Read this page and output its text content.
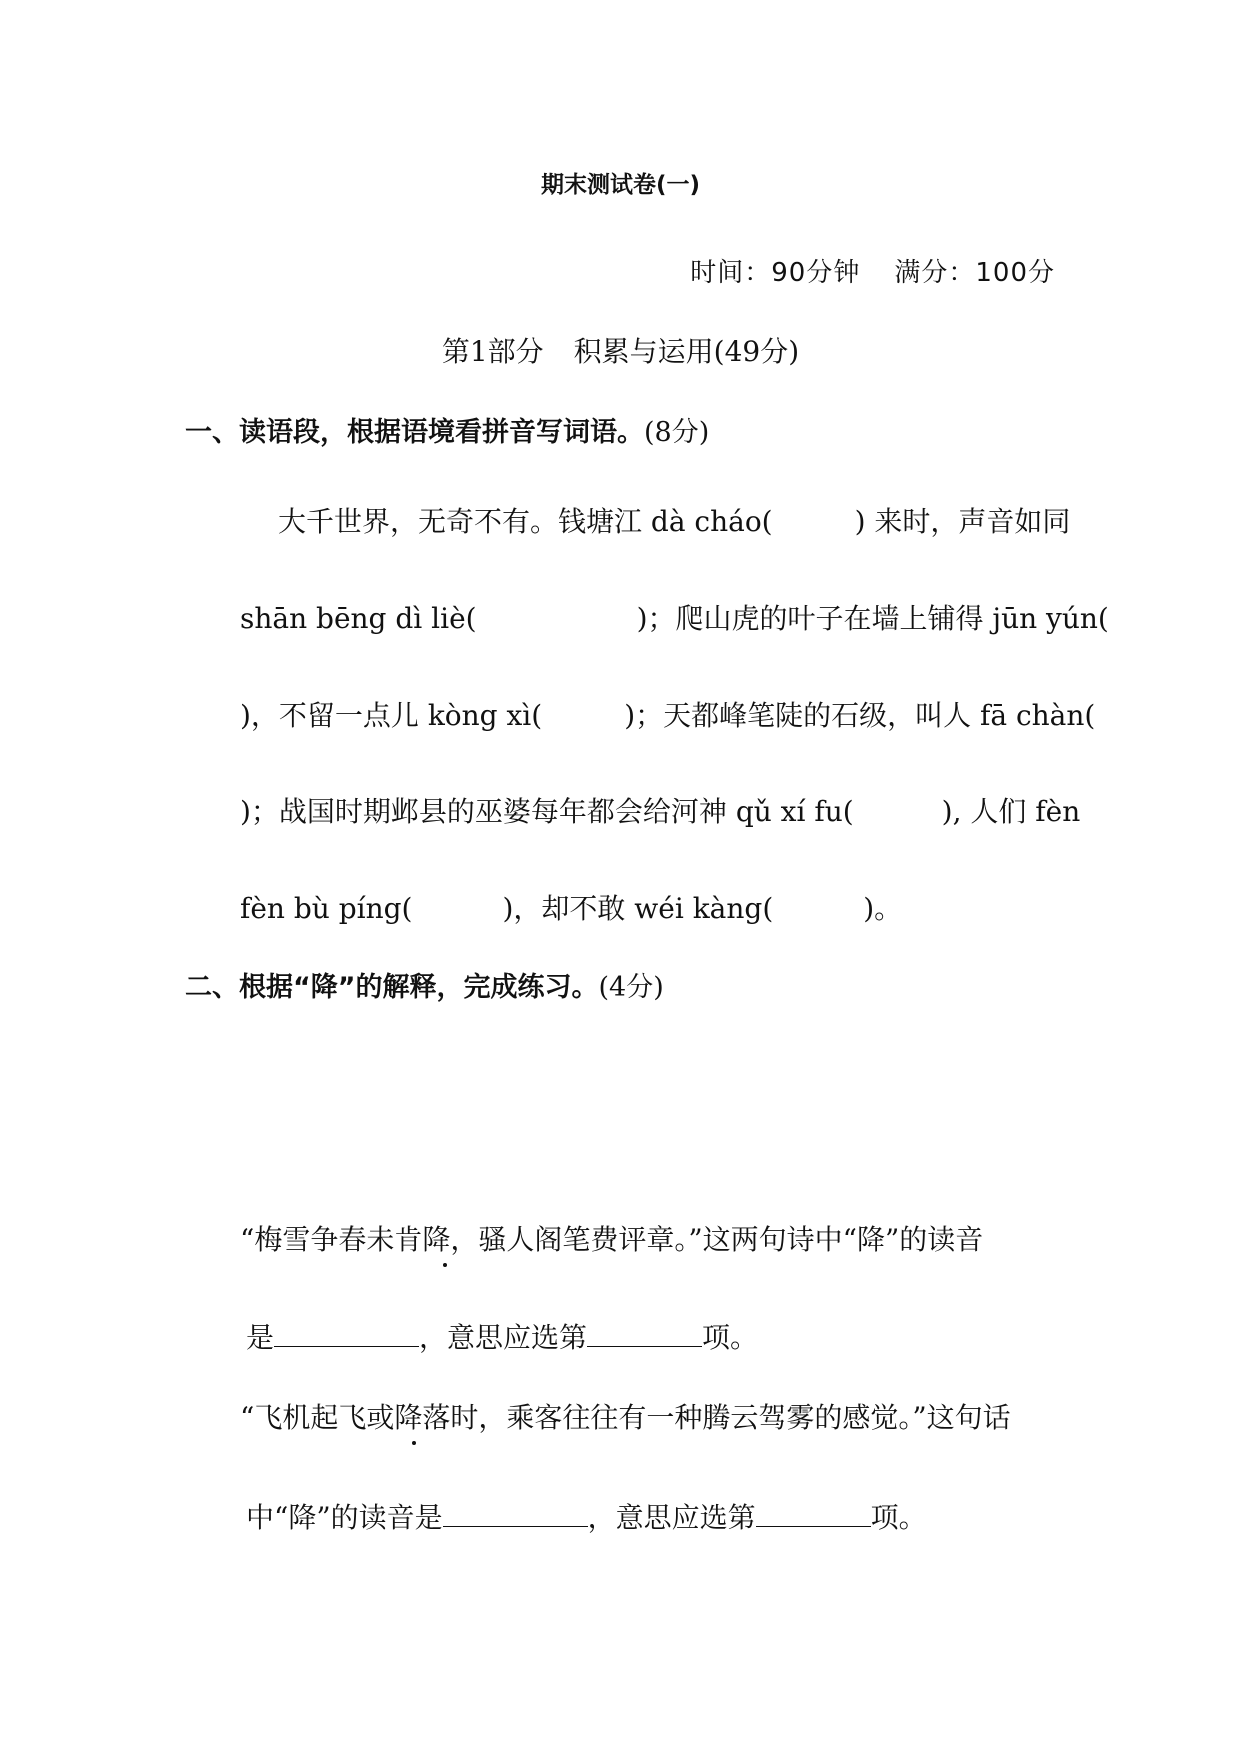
期末测试卷(一)
时间：90分钟 满分：100分
第1部分 积累与运用(49分)
一、读语段，根据语境看拼音写词语。(8分)
大千世界，无奇不有。钱塘江 dà cháo(	) 来时，声音如同
shān bēng dì liè(	)；爬山虎的叶子在墙上铺得 jūn yún(
)，不留一点儿 kòng xì(	)；天都峰笔陡的石级，叫人 fā chàn(
)；战国时期邺县的巫婆每年都会给河神 qǔ xí fu(	), 人们 fèn
fèn bù píng(	)，却不敢 wéi kàng(	)。
二、根据“降”的解释，完成练习。(4分)
“梅雪争春未肯降，骚人阁笔费评章。”这两句诗中“降”的读音
是	，意思应选第	项。
“飞机起飞或降落时，乘客往往有一种腾云驾雾的感觉。”这句话
中“降”的读音是	，意思应选第	项。
